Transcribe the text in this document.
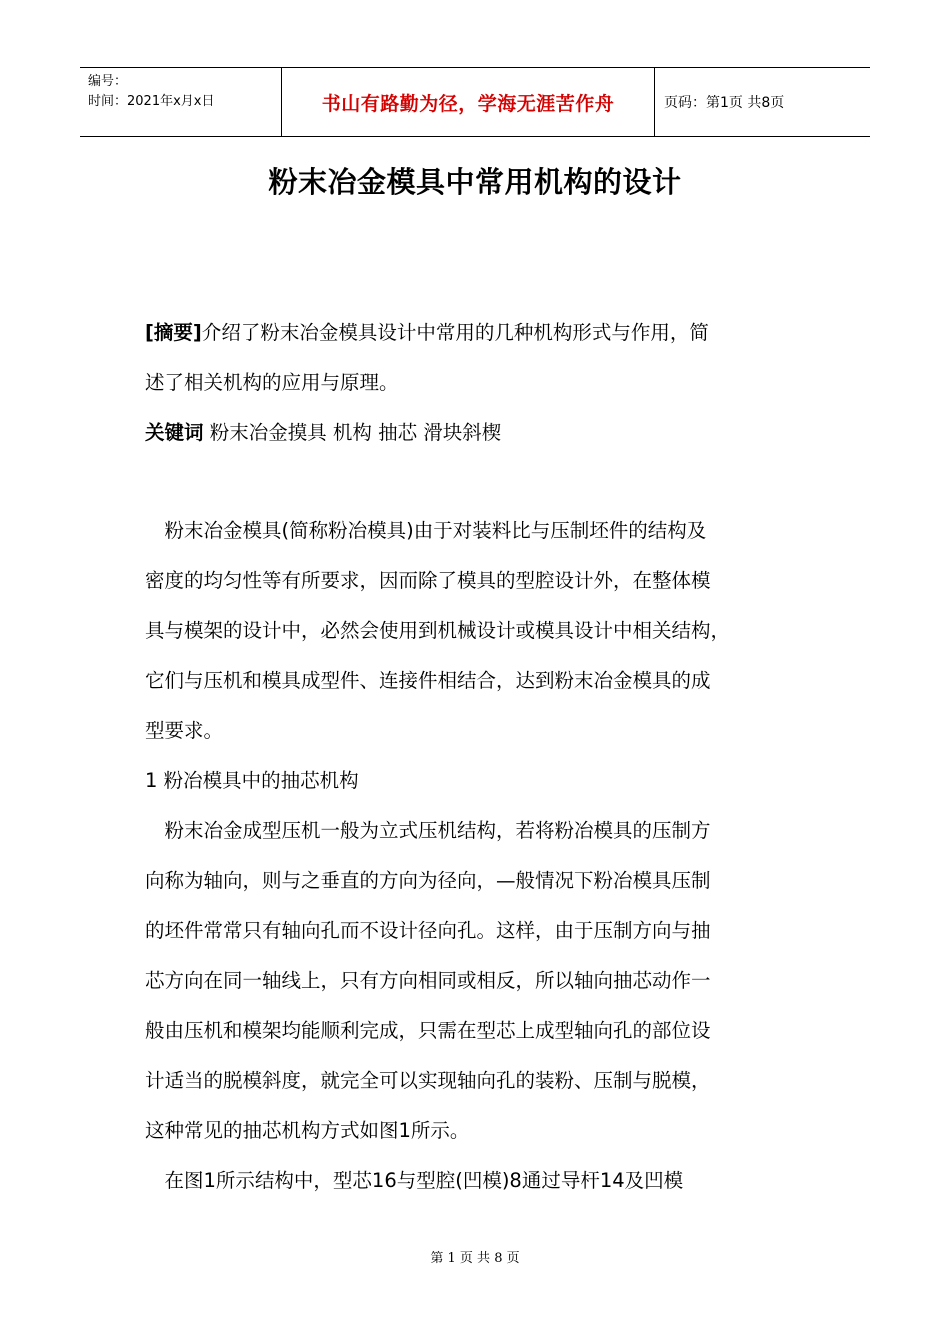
编号：
时间：2021年x月x日	书山有路勤为径，学海无涯苦作舟	页码：第1页 共8页
粉末冶金模具中常用机构的设计
[摘要]介绍了粉末冶金模具设计中常用的几种机构形式与作用，简
述了相关机构的应用与原理。
关键词 粉末冶金摸具 机构 抽芯 滑块斜楔
　粉末冶金模具(简称粉冶模具)由于对装料比与压制坯件的结构及
密度的均匀性等有所要求，因而除了模具的型腔设计外，在整体模
具与模架的设计中，必然会使用到机械设计或模具设计中相关结构，
它们与压机和模具成型件、连接件相结合，达到粉末冶金模具的成
型要求。
1 粉冶模具中的抽芯机构
　粉末冶金成型压机一般为立式压机结构，若将粉冶模具的压制方
向称为轴向，则与之垂直的方向为径向，—般情况下粉冶模具压制
的坯件常常只有轴向孔而不设计径向孔。这样，由于压制方向与抽
芯方向在同一轴线上，只有方向相同或相反，所以轴向抽芯动作一
般由压机和模架均能顺利完成，只需在型芯上成型轴向孔的部位设
计适当的脱模斜度，就完全可以实现轴向孔的装粉、压制与脱模，
这种常见的抽芯机构方式如图1所示。
　在图1所示结构中，型芯16与型腔(凹模)8通过导杆14及凹模
第 1 页 共 8 页
